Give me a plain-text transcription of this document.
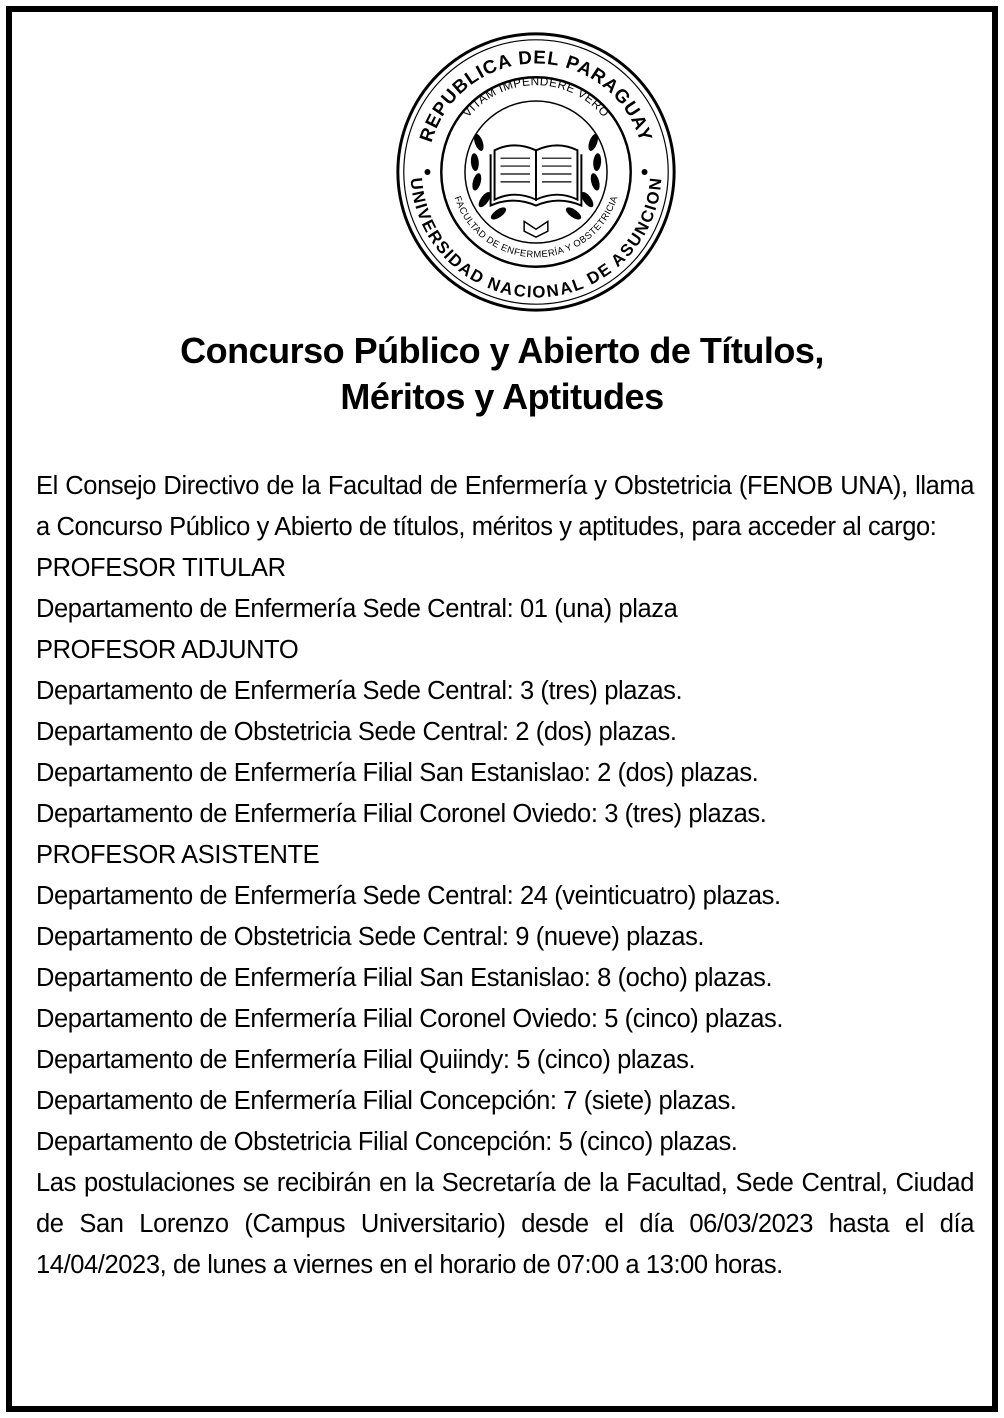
REPUBLICA DEL PARAGUAY
UNIVERSIDAD NACIONAL DE ASUNCION
VITAM IMPENDERE VERO
FACULTAD DE ENFERMERÍA Y OBSTETRICIA
Concurso Público y Abierto de Títulos,
Méritos y Aptitudes

El Consejo Directivo de la Facultad de Enfermería y Obstetricia (FENOB UNA), llama a Concurso Público y Abierto de títulos, méritos y aptitudes, para acceder al cargo:

PROFESOR TITULAR

Departamento de Enfermería Sede Central: 01 (una) plaza

PROFESOR ADJUNTO

Departamento de Enfermería Sede Central: 3 (tres) plazas.

Departamento de Obstetricia Sede Central: 2 (dos) plazas.

Departamento de Enfermería Filial San Estanislao: 2 (dos) plazas.

Departamento de Enfermería Filial Coronel Oviedo: 3 (tres) plazas.

PROFESOR ASISTENTE

Departamento de Enfermería Sede Central: 24 (veinticuatro) plazas.

Departamento de Obstetricia Sede Central: 9 (nueve) plazas.

Departamento de Enfermería Filial San Estanislao: 8 (ocho) plazas.

Departamento de Enfermería Filial Coronel Oviedo: 5 (cinco) plazas.

Departamento de Enfermería Filial Quiindy: 5 (cinco) plazas.

Departamento de Enfermería Filial Concepción: 7 (siete) plazas.

Departamento de Obstetricia Filial Concepción: 5 (cinco) plazas.

Las postulaciones se recibirán en la Secretaría de la Facultad, Sede Central, Ciudad de San Lorenzo (Campus Universitario) desde el día 06/03/2023 hasta el día 14/04/2023, de lunes a viernes en el horario de 07:00 a 13:00 horas.
